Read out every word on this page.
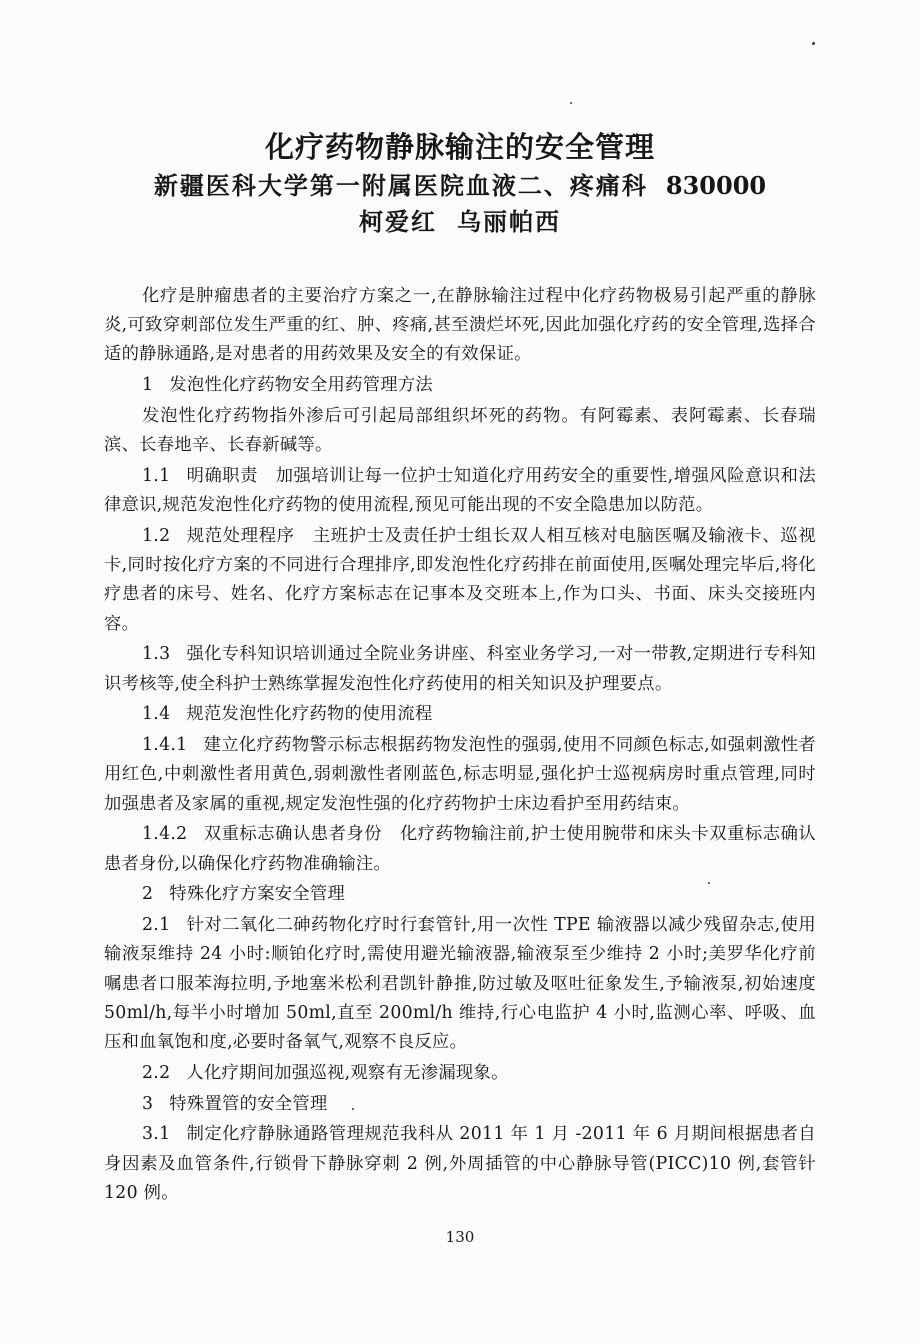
化疗药物静脉输注的安全管理
新疆医科大学第一附属医院血液二、疼痛科 830000
柯爱红 乌丽帕西

化疗是肿瘤患者的主要治疗方案之一,在静脉输注过程中化疗药物极易引起严重的静脉炎,可致穿刺部位发生严重的红、肿、疼痛,甚至溃烂坏死,因此加强化疗药的安全管理,选择合适的静脉通路,是对患者的用药效果及安全的有效保证。

1 发泡性化疗药物安全用药管理方法

发泡性化疗药物指外渗后可引起局部组织坏死的药物。有阿霉素、表阿霉素、长春瑞滨、长春地辛、长春新碱等。

1.1 明确职责　加强培训让每一位护士知道化疗用药安全的重要性,增强风险意识和法律意识,规范发泡性化疗药物的使用流程,预见可能出现的不安全隐患加以防范。

1.2 规范处理程序　主班护士及责任护士组长双人相互核对电脑医嘱及输液卡、巡视卡,同时按化疗方案的不同进行合理排序,即发泡性化疗药排在前面使用,医嘱处理完毕后,将化疗患者的床号、姓名、化疗方案标志在记事本及交班本上,作为口头、书面、床头交接班内容。

1.3 强化专科知识培训通过全院业务讲座、科室业务学习,一对一带教,定期进行专科知识考核等,使全科护士熟练掌握发泡性化疗药使用的相关知识及护理要点。

1.4 规范发泡性化疗药物的使用流程

1.4.1 建立化疗药物警示标志根据药物发泡性的强弱,使用不同颜色标志,如强刺激性者用红色,中刺激性者用黄色,弱刺激性者刚蓝色,标志明显,强化护士巡视病房时重点管理,同时加强患者及家属的重视,规定发泡性强的化疗药物护士床边看护至用药结束。

1.4.2 双重标志确认患者身份　化疗药物输注前,护士使用腕带和床头卡双重标志确认患者身份,以确保化疗药物准确输注。

2 特殊化疗方案安全管理

2.1 针对二氧化二砷药物化疗时行套管针,用一次性 TPE 输液器以减少残留杂志,使用输液泵维持 24 小时:顺铂化疗时,需使用避光输液器,输液泵至少维持 2 小时;美罗华化疗前嘱患者口服苯海拉明,予地塞米松利君凯针静推,防过敏及呕吐征象发生,予输液泵,初始速度 50ml/h,每半小时增加 50ml,直至 200ml/h 维持,行心电监护 4 小时,监测心率、呼吸、血压和血氧饱和度,必要时备氧气,观察不良反应。

2.2 人化疗期间加强巡视,观察有无渗漏现象。

3 特殊置管的安全管理

3.1 制定化疗静脉通路管理规范我科从 2011 年 1 月 -2011 年 6 月期间根据患者自身因素及血管条件,行锁骨下静脉穿刺 2 例,外周插管的中心静脉导管(PICC)10 例,套管针 120 例。

130
